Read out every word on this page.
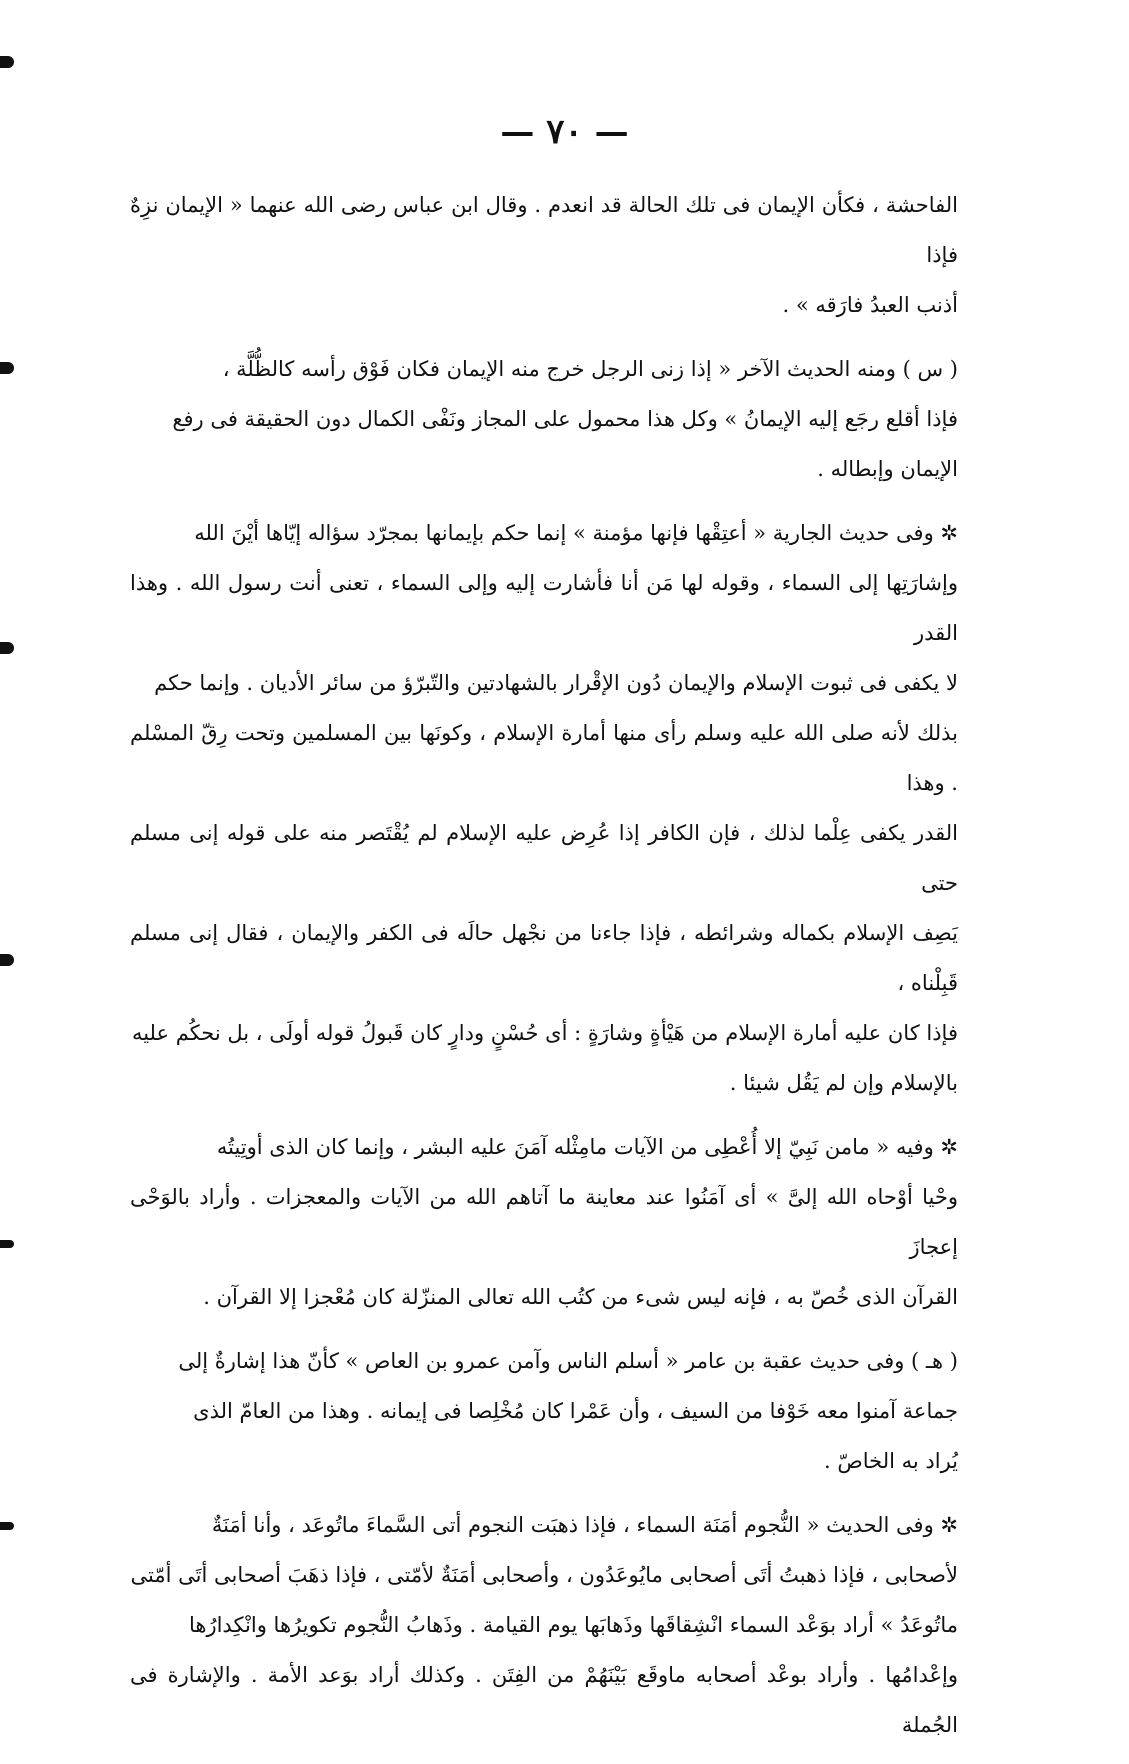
— ٧٠ —

الفاحشة ، فكأن الإيمان فى تلك الحالة قد انعدم . وقال ابن عباس رضى الله عنهما « الإيمان نزِهٌ فإذا

أذنب العبدُ فارَقه » .

( س ) ومنه الحديث الآخر « إذا زنى الرجل خرج منه الإيمان فكان فَوْق رأسه كالظُّلَّة ،

فإذا أقلع رجَع إليه الإيمانُ » وكل هذا محمول على المجاز ونَفْى الكمال دون الحقيقة فى رفع

الإيمان وإبطاله .

✲ وفى حديث الجارية « أعتِقْها فإنها مؤمنة » إنما حكم بإيمانها بمجرّد سؤاله إيّاها أيْنَ الله

وإشارَتِها إلى السماء ، وقوله لها مَن أنا فأشارت إليه وإلى السماء ، تعنى أنت رسول الله . وهذا القدر

لا يكفى فى ثبوت الإسلام والإيمان دُون الإقْرار بالشهادتين والتّبرّؤ من سائر الأديان . وإنما حكم

بذلك لأنه صلى الله عليه وسلم رأى منها أمارة الإسلام ، وكونَها بين المسلمين وتحت رِقّ المسْلم . وهذا

القدر يكفى عِلْما لذلك ، فإن الكافر إذا عُرِض عليه الإسلام لم يُقْتَصر منه على قوله إنى مسلم حتى

يَصِف الإسلام بكماله وشرائطه ، فإذا جاءنا من نجْهل حالَه فى الكفر والإيمان ، فقال إنى مسلم قَبِلْناه ،

فإذا كان عليه أمارة الإسلام من هَيْأةٍ وشارَةٍ : أى حُسْنٍ ودارٍ كان قَبولُ قوله أولَى ، بل نحكُم عليه

بالإسلام وإن لم يَقُل شيئا .

✲ وفيه « مامن نَبِيّ إلا أُعْطِى من الآيات مامِثْله آمَنَ عليه البشر ، وإنما كان الذى أوتِيتُه

وحْيا أوْحاه الله إلىَّ » أى آمَنُوا عند معاينة ما آتاهم الله من الآيات والمعجزات . وأراد بالوَحْى إعجازَ

القرآن الذى خُصّ به ، فإنه ليس شىء من كتُب الله تعالى المنزّلة كان مُعْجزا إلا القرآن .

( هـ ) وفى حديث عقبة بن عامر « أسلم الناس وآمن عمرو بن العاص » كأنّ هذا إشارةٌ إلى

جماعة آمنوا معه خَوْفا من السيف ، وأن عَمْرا كان مُخْلِصا فى إيمانه . وهذا من العامّ الذى

يُراد به الخاصّ .

✲ وفى الحديث « النُّجوم أمَنَة السماء ، فإذا ذهبَت النجوم أتى السَّماءَ ماتُوعَد ، وأنا أمَنَةٌ

لأصحابى ، فإذا ذهبتُ أتَى أصحابى مايُوعَدُون ، وأصحابى أمَنَةٌ لأمّتى ، فإذا ذهَبَ أصحابى أتَى أمّتى

ماتُوعَدُ » أراد بوَعْد السماء انْشِقاقَها وذَهابَها يوم القيامة . وذَهابُ النُّجوم تكويرُها وانْكِدارُها

وإعْدامُها . وأراد بوعْد أصحابه ماوقَع بَيْنَهُمْ من الفِتَن . وكذلك أراد بوَعد الأمة . والإشارة فى الجُملة
